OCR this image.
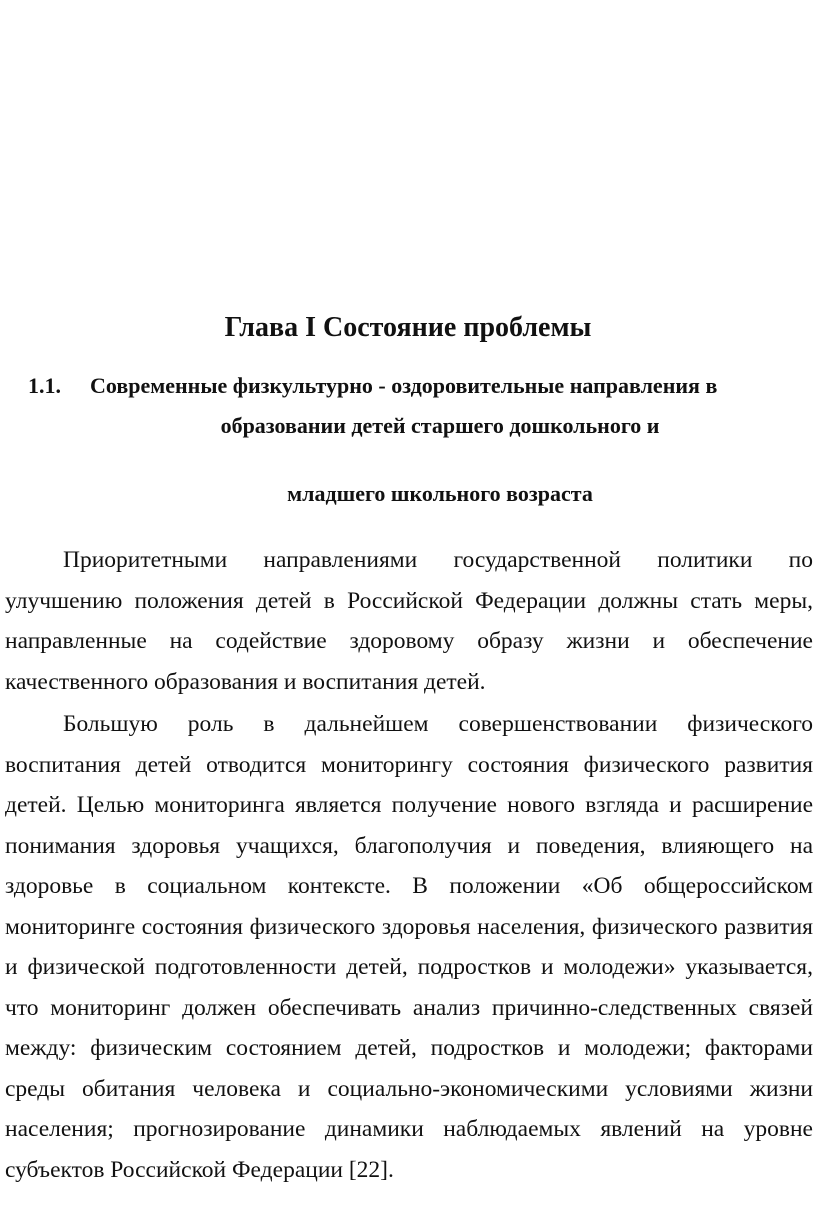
Глава I Состояние проблемы
1.1. Современные физкультурно - оздоровительные направления в
образовании детей старшего дошкольного и
младшего школьного возраста

Приоритетными направлениями государственной политики по улучшению положения детей в Российской Федерации должны стать меры, направленные на содействие здоровому образу жизни и обеспечение качественного образования и воспитания детей.

Большую роль в дальнейшем совершенствовании физического воспитания детей отводится мониторингу состояния физического развития детей. Целью мониторинга является получение нового взгляда и расширение понимания здоровья учащихся, благополучия и поведения, влияющего на здоровье в социальном контексте. В положении «Об общероссийском мониторинге состояния физического здоровья населения, физического развития и физической подготовленности детей, подростков и молодежи» указывается, что мониторинг должен обеспечивать анализ причинно-следственных связей между: физическим состоянием детей, подростков и молодежи; факторами среды обитания человека и социально-экономическими условиями жизни населения; прогнозирование динамики наблюдаемых явлений на уровне субъектов Российской Федерации [22].
